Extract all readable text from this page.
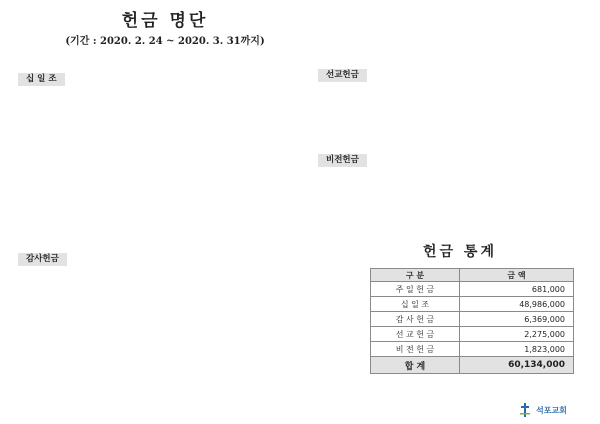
헌금 명단
(기간 : 2020. 2. 24 ~ 2020. 3. 31까지)
십 일 조

감사헌금

선교헌금

비전헌금

헌금 통계
구 분	금 액
주 일 헌 금	681,000
십 일 조	48,986,000
감 사 헌 금	6,369,000
선 교 헌 금	2,275,000
비 전 헌 금	1,823,000
합 계	60,134,000
석포교회
